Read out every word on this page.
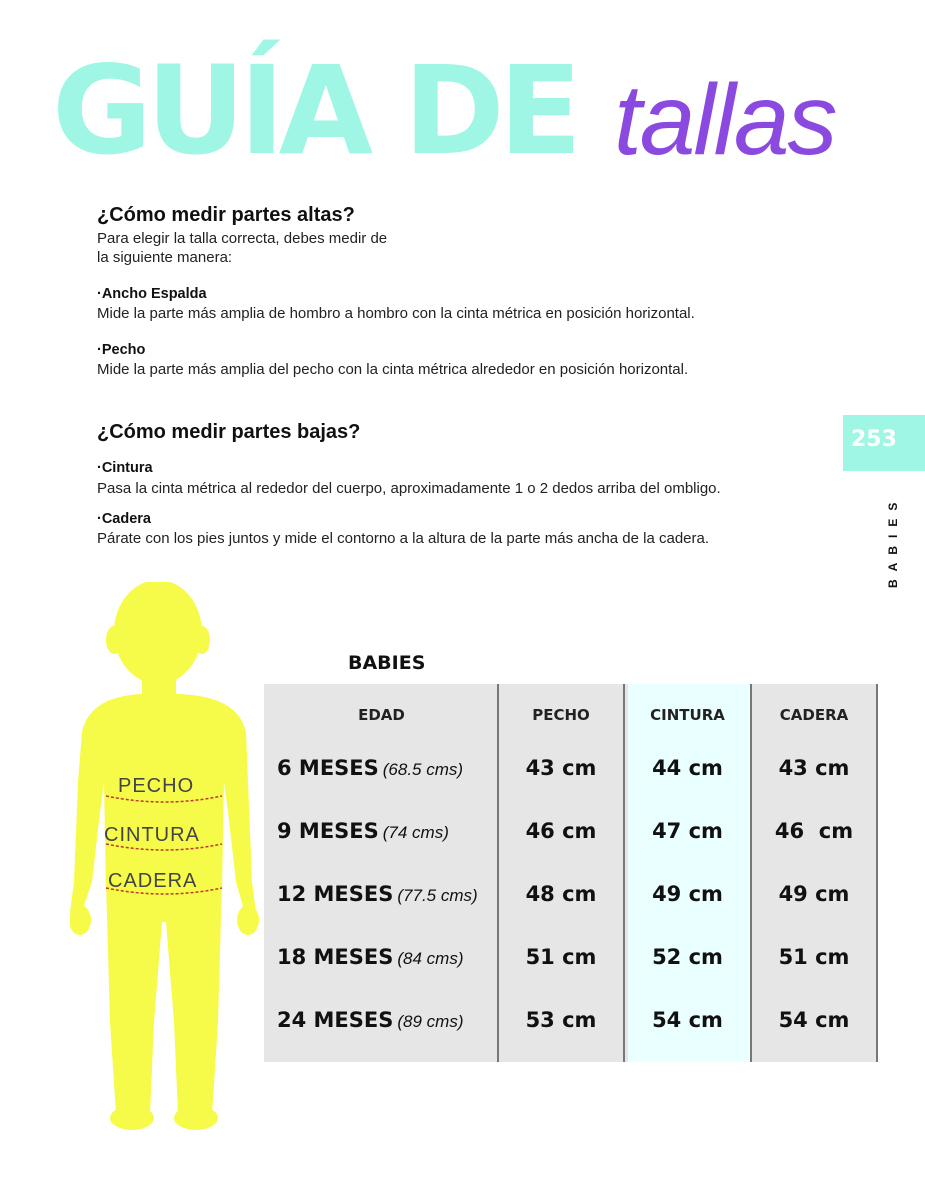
GUÍA DE tallas
¿Cómo medir partes altas?
Para elegir la talla correcta, debes medir de
la siguiente manera:
·Ancho Espalda
Mide la parte más amplia de hombro a hombro con la cinta métrica en posición horizontal.
·Pecho
Mide la parte más amplia del pecho con la cinta métrica alrededor en posición horizontal.
¿Cómo medir partes bajas?
·Cintura
Pasa la cinta métrica al rededor del cuerpo, aproximadamente 1 o 2 dedos arriba del ombligo.
·Cadera
Párate con los pies juntos y mide el contorno a la altura de la parte más ancha de la cadera.
253
BABIES
PECHO
CINTURA
CADERA
BABIES
EDAD	PECHO	CINTURA	CADERA
6 MESES (68.5 cms)	43 cm	44 cm	43 cm
9 MESES (74 cms)	46 cm	47 cm	46  cm
12 MESES (77.5 cms)	48 cm	49 cm	49 cm
18 MESES (84 cms)	51 cm	52 cm	51 cm
24 MESES (89 cms)	53 cm	54 cm	54 cm
